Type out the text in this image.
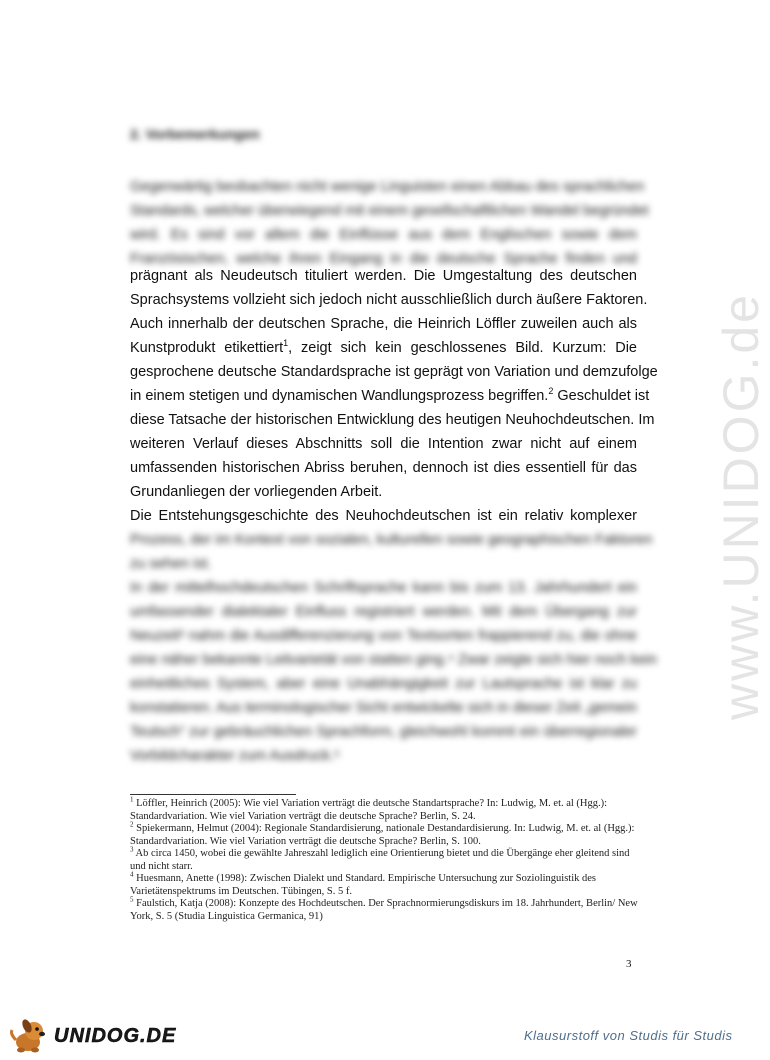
www.UNIDOG.de
2. Vorbemerkungen
Gegenwärtig beobachten nicht wenige Linguisten einen Abbau des sprachlichen
Standards, welcher überwiegend mit einem gesellschaftlichen Wandel begründet
wird. Es sind vor allem die Einflüsse aus dem Englischen sowie dem
Französischen, welche ihren Eingang in die deutsche Sprache finden und
prägnant als Neudeutsch tituliert werden. Die Umgestaltung des deutschen
Sprachsystems vollzieht sich jedoch nicht ausschließlich durch äußere Faktoren.
Auch innerhalb der deutschen Sprache, die Heinrich Löffler zuweilen auch als
Kunstprodukt etikettiert$^1$, zeigt sich kein geschlossenes Bild. Kurzum: Die
gesprochene deutsche Standardsprache ist geprägt von Variation und demzufolge
in einem stetigen und dynamischen Wandlungsprozess begriffen.$^2$ Geschuldet ist
diese Tatsache der historischen Entwicklung des heutigen Neuhochdeutschen. Im
weiteren Verlauf dieses Abschnitts soll die Intention zwar nicht auf einem
umfassenden historischen Abriss beruhen, dennoch ist dies essentiell für das
Grundanliegen der vorliegenden Arbeit.
Die Entstehungsgeschichte des Neuhochdeutschen ist ein relativ komplexer
Prozess, der im Kontext von sozialen, kulturellen sowie geographischen Faktoren
zu sehen ist.
In der mittelhochdeutschen Schriftsprache kann bis zum 13. Jahrhundert ein
umfassender dialektaler Einfluss registriert werden. Mit dem Übergang zur
Neuzeit³ nahm die Ausdifferenzierung von Textsorten frappierend zu, die ohne
eine näher bekannte Leitvarietät von statten ging.⁴ Zwar zeigte sich hier noch kein
einheitliches System, aber eine Unabhängigkeit zur Lautsprache ist klar zu
konstatieren. Aus terminologischer Sicht entwickelte sich in dieser Zeit „gemein
Teutsch“ zur gebräuchlichen Sprachform, gleichwohl kommt ein überregionaler
Vorbildcharakter zum Ausdruck.⁵

$^1$ Löffler, Heinrich (2005): Wie viel Variation verträgt die deutsche Standartsprache? In: Ludwig, M. et. al (Hgg.): Standardvariation. Wie viel Variation verträgt die deutsche Sprache? Berlin, S. 24.

$^2$ Spiekermann, Helmut (2004): Regionale Standardisierung, nationale Destandardisierung. In: Ludwig, M. et. al (Hgg.): Standardvariation. Wie viel Variation verträgt die deutsche Sprache? Berlin, S. 100.

$^3$ Ab circa 1450, wobei die gewählte Jahreszahl lediglich eine Orientierung bietet und die Übergänge eher gleitend sind und nicht starr.

$^4$ Huesmann, Anette (1998): Zwischen Dialekt und Standard. Empirische Untersuchung zur Soziolinguistik des Varietätenspektrums im Deutschen. Tübingen, S. 5 f.

$^5$ Faulstich, Katja (2008): Konzepte des Hochdeutschen. Der Sprachnormierungsdiskurs im 18. Jahrhundert, Berlin/ New York, S. 5 (Studia Linguistica Germanica, 91)

3
UNIDOG.DE	Klausurstoff von Studis für Studis
